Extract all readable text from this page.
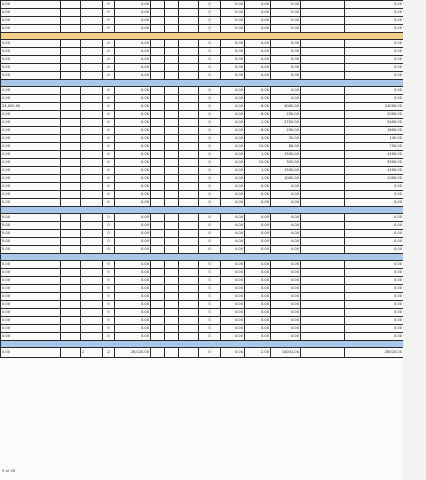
0.00			0	0.00				0	0.00	0.00	0.00		0.00
0.00			0	0.00				0	0.00	0.00	0.00		0.00
0.00			0	0.00				0	0.00	0.00	0.00		0.00
0.00			0	0.00				0	0.00	0.00	0.00		0.00

0.00			0	0.00				0	0.00	0.00	0.00		0.00
0.00			0	0.00				0	0.00	0.00	0.00		0.00
0.00			0	0.00				0	0.00	0.00	0.00		0.00
0.00			0	0.00				0	0.00	0.00	0.00		0.00
0.00			0	0.00				0	0.00	0.00	0.00		0.00

0.00			0	0.00				0	0.00	0.00	0.00		0.00
0.00			0	0.00				0	0.00	0.00	0.00		0.00
24,000.00			0	0.00				0	0.00	8.00	4000.00		24000.00
0.00			0	0.00				0	0.00	8.00	250.00		2000.00
0.00			0	0.00				0	0.00	2.00	2700.00		5400.00
0.00			0	0.00				0	0.00	8.00	200.00		1600.00
0.00			0	0.00				0	0.00	4.00	35.00		140.00
0.00			0	0.00				0	0.00	10.00	80.00		750.00
0.00			0	0.00				0	0.00	1.00	1500.00		1500.00
0.00			0	0.00				0	0.00	10.00	350.00		3500.00
0.00			0	0.00				0	0.00	1.00	1500.00		1500.00
0.00			0	0.00				0	0.00	1.00	1000.00		1000.00
0.00			0	0.00				0	0.00	0.00	0.00		0.00
0.00			0	0.00				0	0.00	0.00	0.00		0.00
0.00			0	0.00				0	0.00	0.00	0.00		0.00

0.00			0	0.00				0	0.00	0.00	0.00		0.00
0.00			0	0.00				0	0.00	0.00	0.00		0.00
0.00			0	0.00				0	0.00	0.00	0.00		0.00
0.00			0	0.00				0	0.00	0.00	0.00		0.00
0.00			0	0.00				0	0.00	0.00	0.00		0.00

0.00			0	0.00				0	0.00	0.00	0.00		0.00
0.00			0	0.00				0	0.00	0.00	0.00		0.00
0.00			0	0.00				0	0.00	0.00	0.00		0.00
0.00			0	0.00				0	0.00	0.00	0.00		0.00
0.00			0	0.00				0	0.00	0.00	0.00		0.00
0.00			0	0.00				0	0.00	0.00	0.00		0.00
0.00			0	0.00				0	0.00	0.00	0.00		0.00
0.00			0	0.00				0	0.00	0.00	0.00		0.00
0.00			0	0.00				0	0.00	0.00	0.00		0.00
0.00			0	0.00				0	0.00	0.00	0.00		0.00

0.00		2	2	28,020.00				0	0.00	2.00	14001.00		28020.00
9 of 26
